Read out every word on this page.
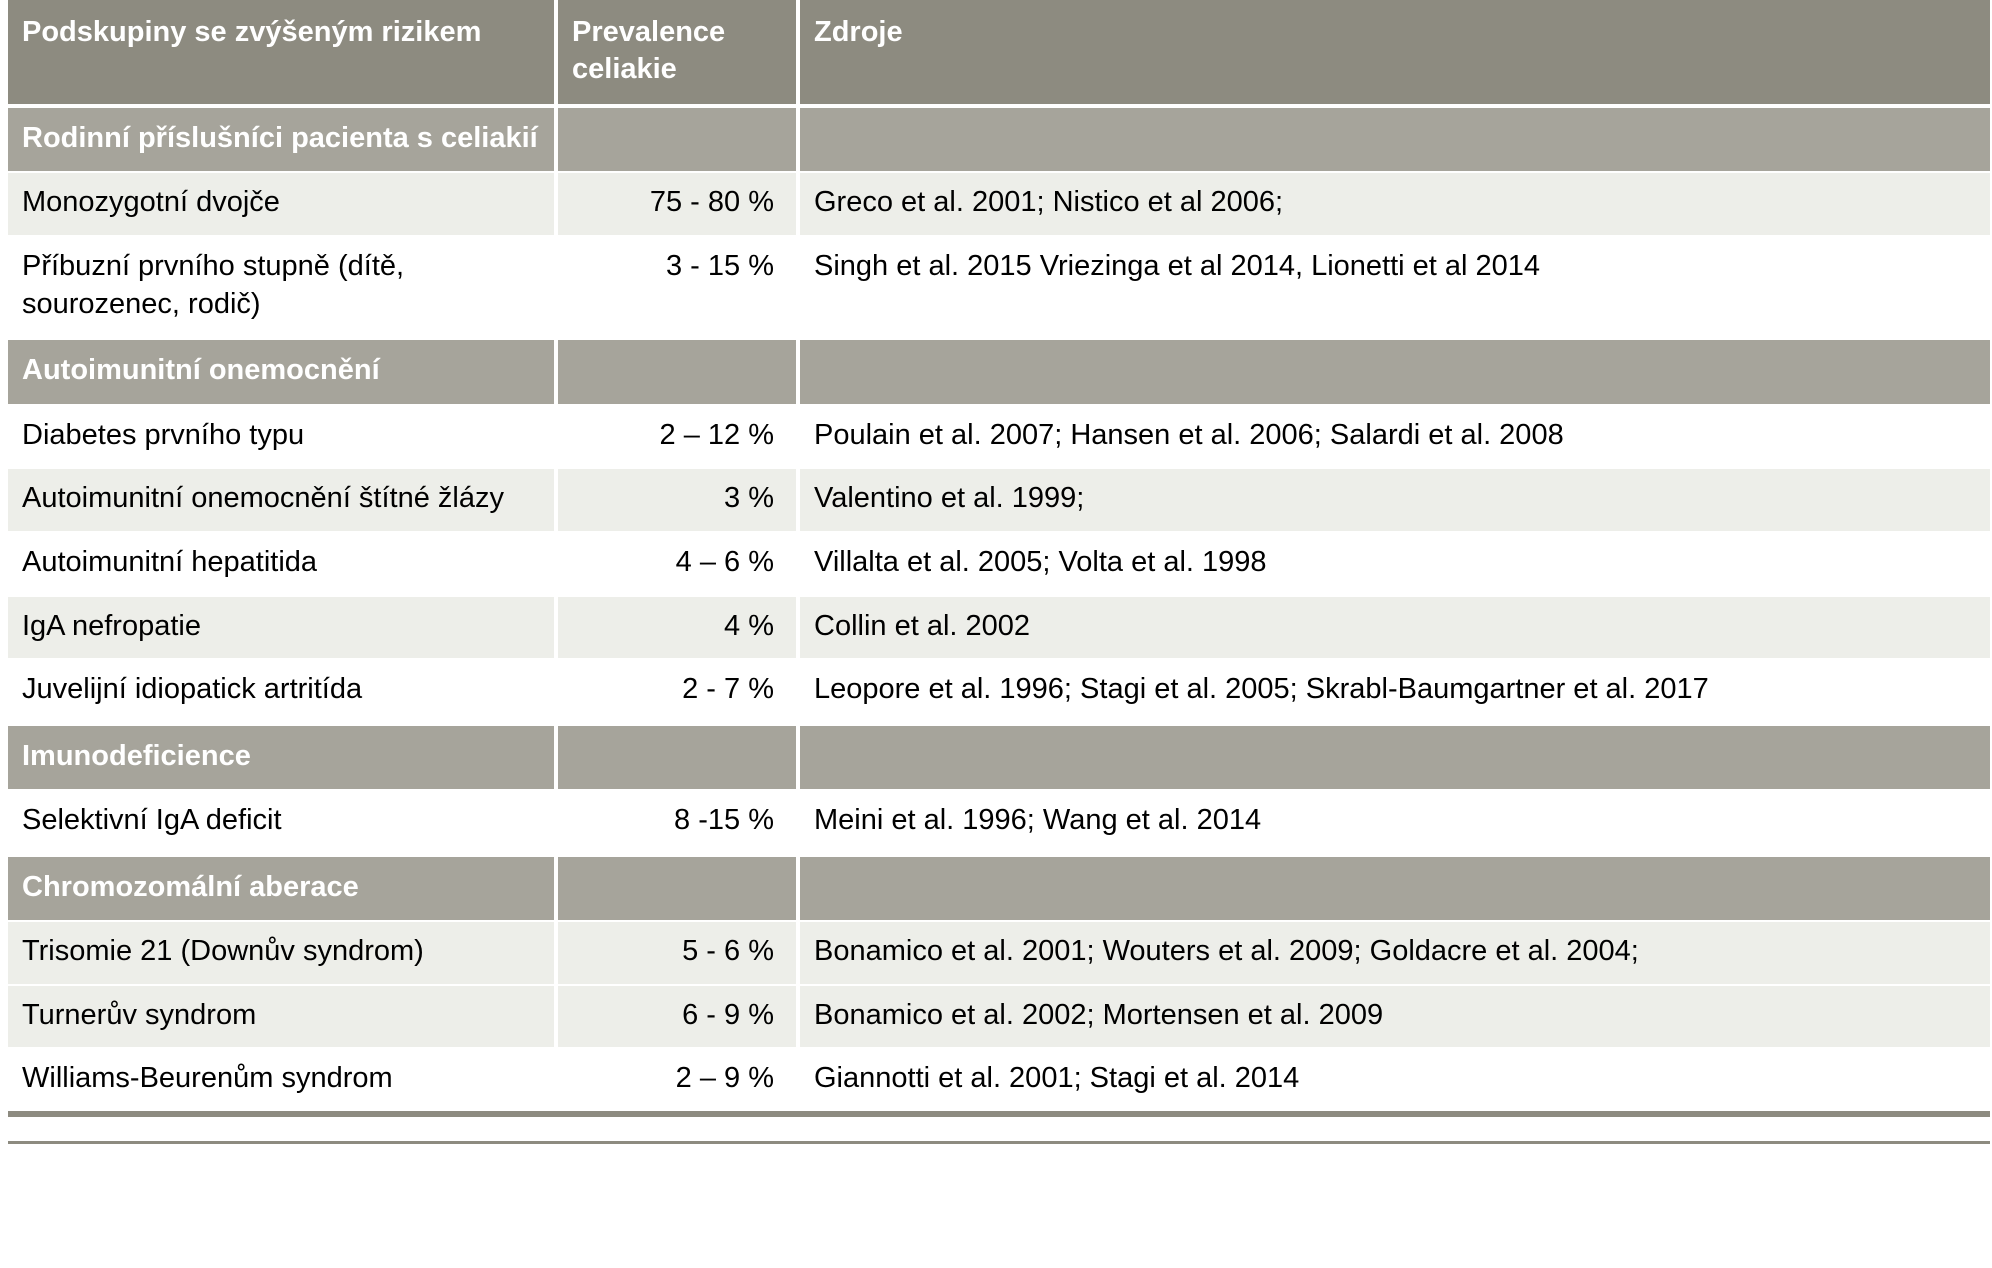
Podskupiny se zvýšeným rizikem	Prevalence celiakie	Zdroje
Rodinní příslušníci pacienta s celiakií		
Monozygotní dvojče	75 - 80 %	Greco et al. 2001; Nistico et al 2006;
Příbuzní prvního stupně (dítě, sourozenec, rodič)	3 - 15 %	Singh et al. 2015 Vriezinga et al 2014, Lionetti et al 2014
Autoimunitní onemocnění		
Diabetes prvního typu	2 – 12 %	Poulain et al. 2007; Hansen et al. 2006; Salardi et al. 2008
Autoimunitní onemocnění štítné žlázy	3 %	Valentino et al. 1999;
Autoimunitní hepatitida	4 – 6 %	Villalta et al. 2005; Volta et al. 1998
IgA nefropatie	4 %	Collin et al. 2002
Juvelijní idiopatick artritída	2 - 7 %	Leopore et al. 1996; Stagi et al. 2005; Skrabl-Baumgartner et al. 2017
Imunodeficience		
Selektivní IgA deficit	8 -15 %	Meini et al. 1996; Wang et al. 2014
Chromozomální aberace		
Trisomie 21 (Downův syndrom)	5 - 6 %	Bonamico et al. 2001; Wouters et al. 2009; Goldacre et al. 2004;
Turnerův syndrom	6 - 9 %	Bonamico et al. 2002; Mortensen et al. 2009
Williams-Beurenům syndrom	2 – 9 %	Giannotti et al. 2001; Stagi et al. 2014
